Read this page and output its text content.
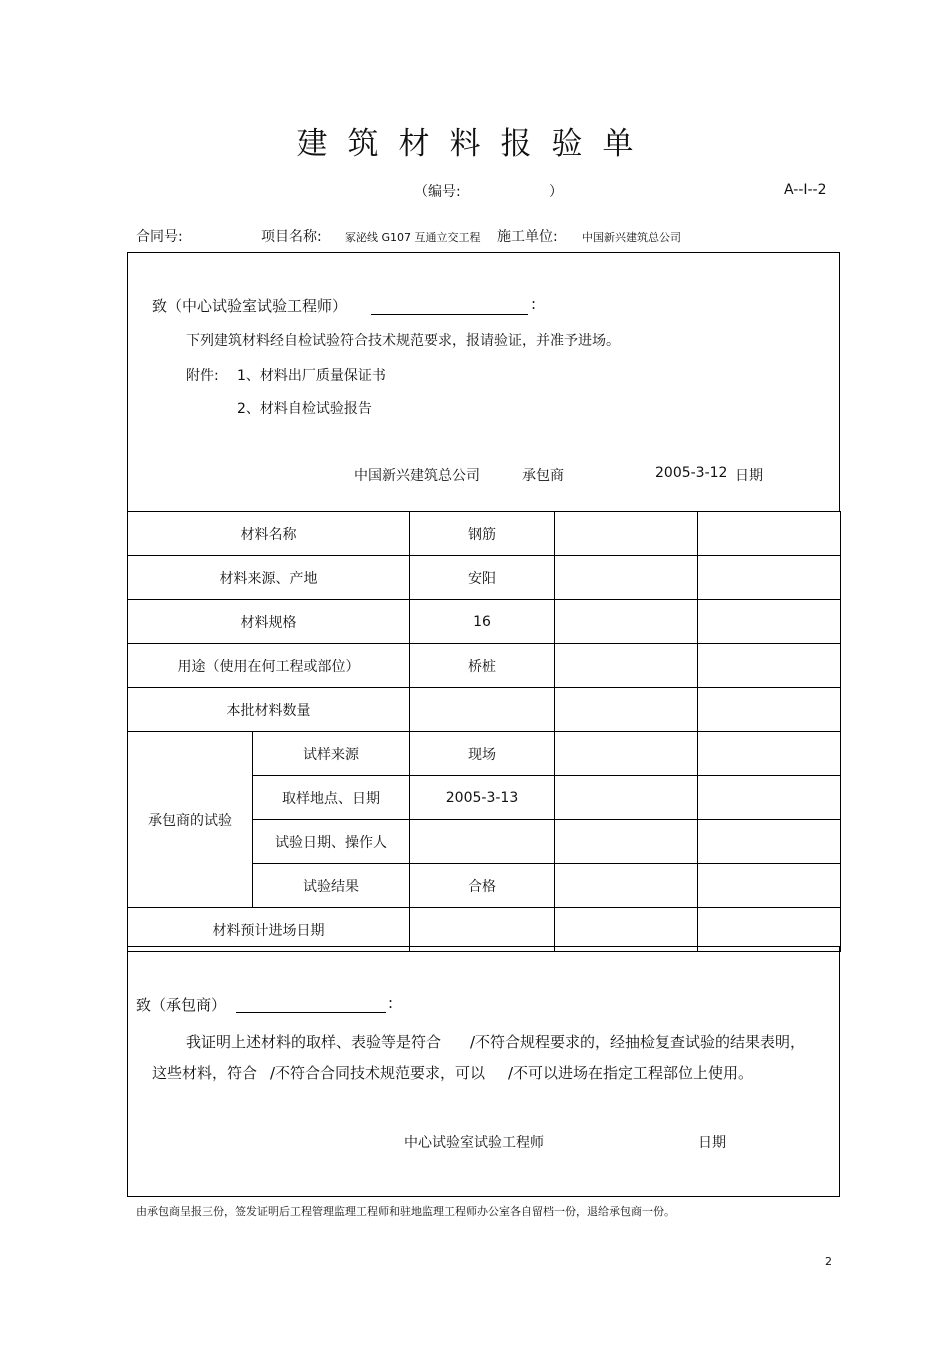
建筑材料报验单
（编号:	）	A--I--2
合同号:	项目名称: 冢泌线 G107 互通立交工程 施工单位: 中国新兴建筑总公司
致（中心试验室试验工程师）	:
下列建筑材料经自检试验符合技术规范要求，报请验证，并准予进场。
附件: 1、材料出厂质量保证书
2、材料自检试验报告
中国新兴建筑总公司	承包商	2005-3-12 日期
材料名称		钢筋		
材料来源、产地		安阳		
材料规格		16		
用途（使用在何工程或部位）		桥桩		
本批材料数量				
承包商的试验	试样来源	现场		
	取样地点、日期	2005-3-13		
	试验日期、操作人			
	试验结果	合格		
材料预计进场日期				
致（承包商）	:
我证明上述材料的取样、表验等是符合 /不符合规程要求的，经抽检复查试验的结果表明，
这些材料，符合 /不符合合同技术规范要求，可以 /不可以进场在指定工程部位上使用。
中心试验室试验工程师	日期
由承包商呈报三份，签发证明后工程管理监理工程师和驻地监理工程师办公室各自留档一份，退给承包商一份。
2
